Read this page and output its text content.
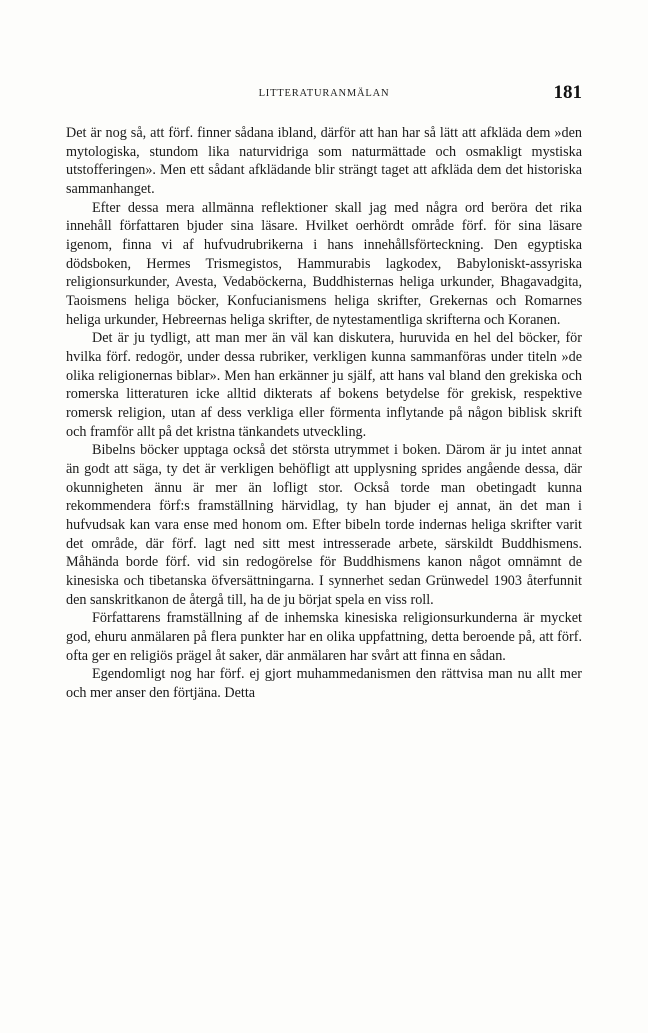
LITTERATURANMÄLAN	181

Det är nog så, att förf. finner sådana ibland, därför att han har så lätt att afkläda dem »den mytologiska, stundom lika naturvidriga som naturmättade och osmakligt mystiska utstofferingen». Men ett sådant afklädande blir strängt taget att afkläda dem det historiska sammanhanget.

Efter dessa mera allmänna reflektioner skall jag med några ord beröra det rika innehåll författaren bjuder sina läsare. Hvilket oerhördt område förf. för sina läsare igenom, finna vi af hufvudrubrikerna i hans innehållsförteckning. Den egyptiska dödsboken, Hermes Trismegistos, Hammurabis lagkodex, Babyloniskt-assyriska religionsurkunder, Avesta, Vedaböckerna, Buddhisternas heliga urkunder, Bhagavadgita, Taoismens heliga böcker, Konfucianismens heliga skrifter, Grekernas och Romarnes heliga urkunder, Hebreernas heliga skrifter, de nytestamentliga skrifterna och Koranen.

Det är ju tydligt, att man mer än väl kan diskutera, huruvida en hel del böcker, för hvilka förf. redogör, under dessa rubriker, verkligen kunna sammanföras under titeln »de olika religionernas biblar». Men han erkänner ju själf, att hans val bland den grekiska och romerska litteraturen icke alltid dikterats af bokens betydelse för grekisk, respektive romersk religion, utan af dess verkliga eller förmenta inflytande på någon biblisk skrift och framför allt på det kristna tänkandets utveckling.

Bibelns böcker upptaga också det största utrymmet i boken. Därom är ju intet annat än godt att säga, ty det är verkligen behöfligt att upplysning sprides angående dessa, där okunnigheten ännu är mer än lofligt stor. Också torde man obetingadt kunna rekommendera förf:s framställning härvidlag, ty han bjuder ej annat, än det man i hufvudsak kan vara ense med honom om. Efter bibeln torde indernas heliga skrifter varit det område, där förf. lagt ned sitt mest intresserade arbete, särskildt Buddhismens. Måhända borde förf. vid sin redogörelse för Buddhismens kanon något omnämnt de kinesiska och tibetanska öfversättningarna. I synnerhet sedan Grünwedel 1903 återfunnit den sanskritkanon de återgå till, ha de ju börjat spela en viss roll.

Författarens framställning af de inhemska kinesiska religionsurkunderna är mycket god, ehuru anmälaren på flera punkter har en olika uppfattning, detta beroende på, att förf. ofta ger en religiös prägel åt saker, där anmälaren har svårt att finna en sådan.

Egendomligt nog har förf. ej gjort muhammedanismen den rättvisa man nu allt mer och mer anser den förtjäna. Detta
